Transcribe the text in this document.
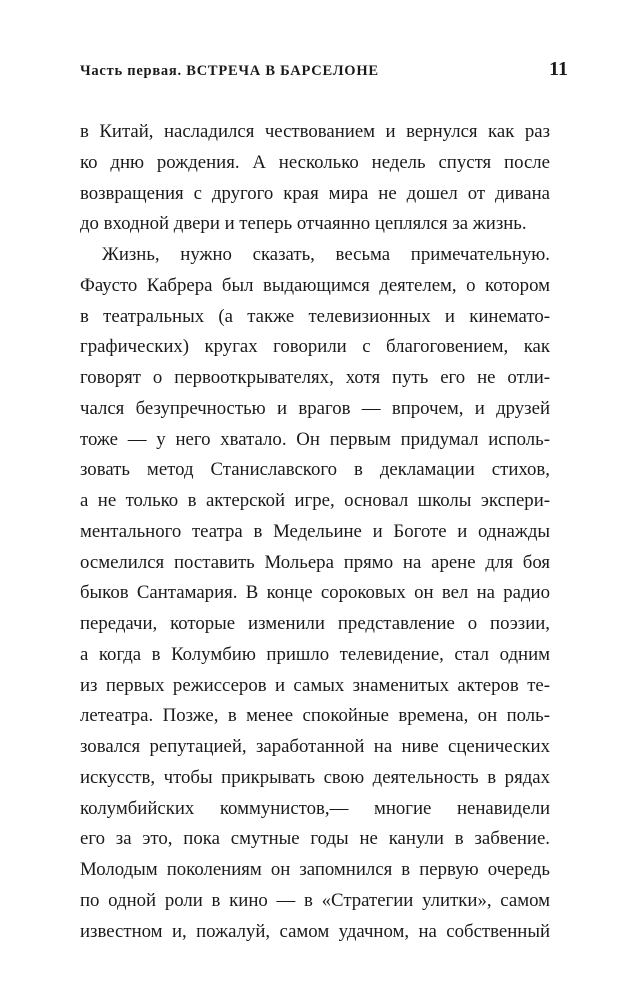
Часть первая. ВСТРЕЧА В БАРСЕЛОНЕ	11
в Китай, насладился чествованием и вернулся как раз
ко дню рождения. А несколько недель спустя после
возвращения с другого края мира не дошел от дивана
до входной двери и теперь отчаянно цеплялся за жизнь.
Жизнь, нужно сказать, весьма примечательную.
Фаусто Кабрера был выдающимся деятелем, о котором
в театральных (а также телевизионных и кинемато-
графических) кругах говорили с благоговением, как
говорят о первооткрывателях, хотя путь его не отли-
чался безупречностью и врагов — впрочем, и друзей
тоже — у него хватало. Он первым придумал исполь-
зовать метод Станиславского в декламации стихов,
а не только в актерской игре, основал школы экспери-
ментального театра в Медельине и Боготе и однажды
осмелился поставить Мольера прямо на арене для боя
быков Сантамария. В конце сороковых он вел на радио
передачи, которые изменили представление о поэзии,
а когда в Колумбию пришло телевидение, стал одним
из первых режиссеров и самых знаменитых актеров те-
летеатра. Позже, в менее спокойные времена, он поль-
зовался репутацией, заработанной на ниве сценических
искусств, чтобы прикрывать свою деятельность в рядах
колумбийских коммунистов,— многие ненавидели
его за это, пока смутные годы не канули в забвение.
Молодым поколениям он запомнился в первую очередь
по одной роли в кино — в «Стратегии улитки», самом
известном и, пожалуй, самом удачном, на собственный
